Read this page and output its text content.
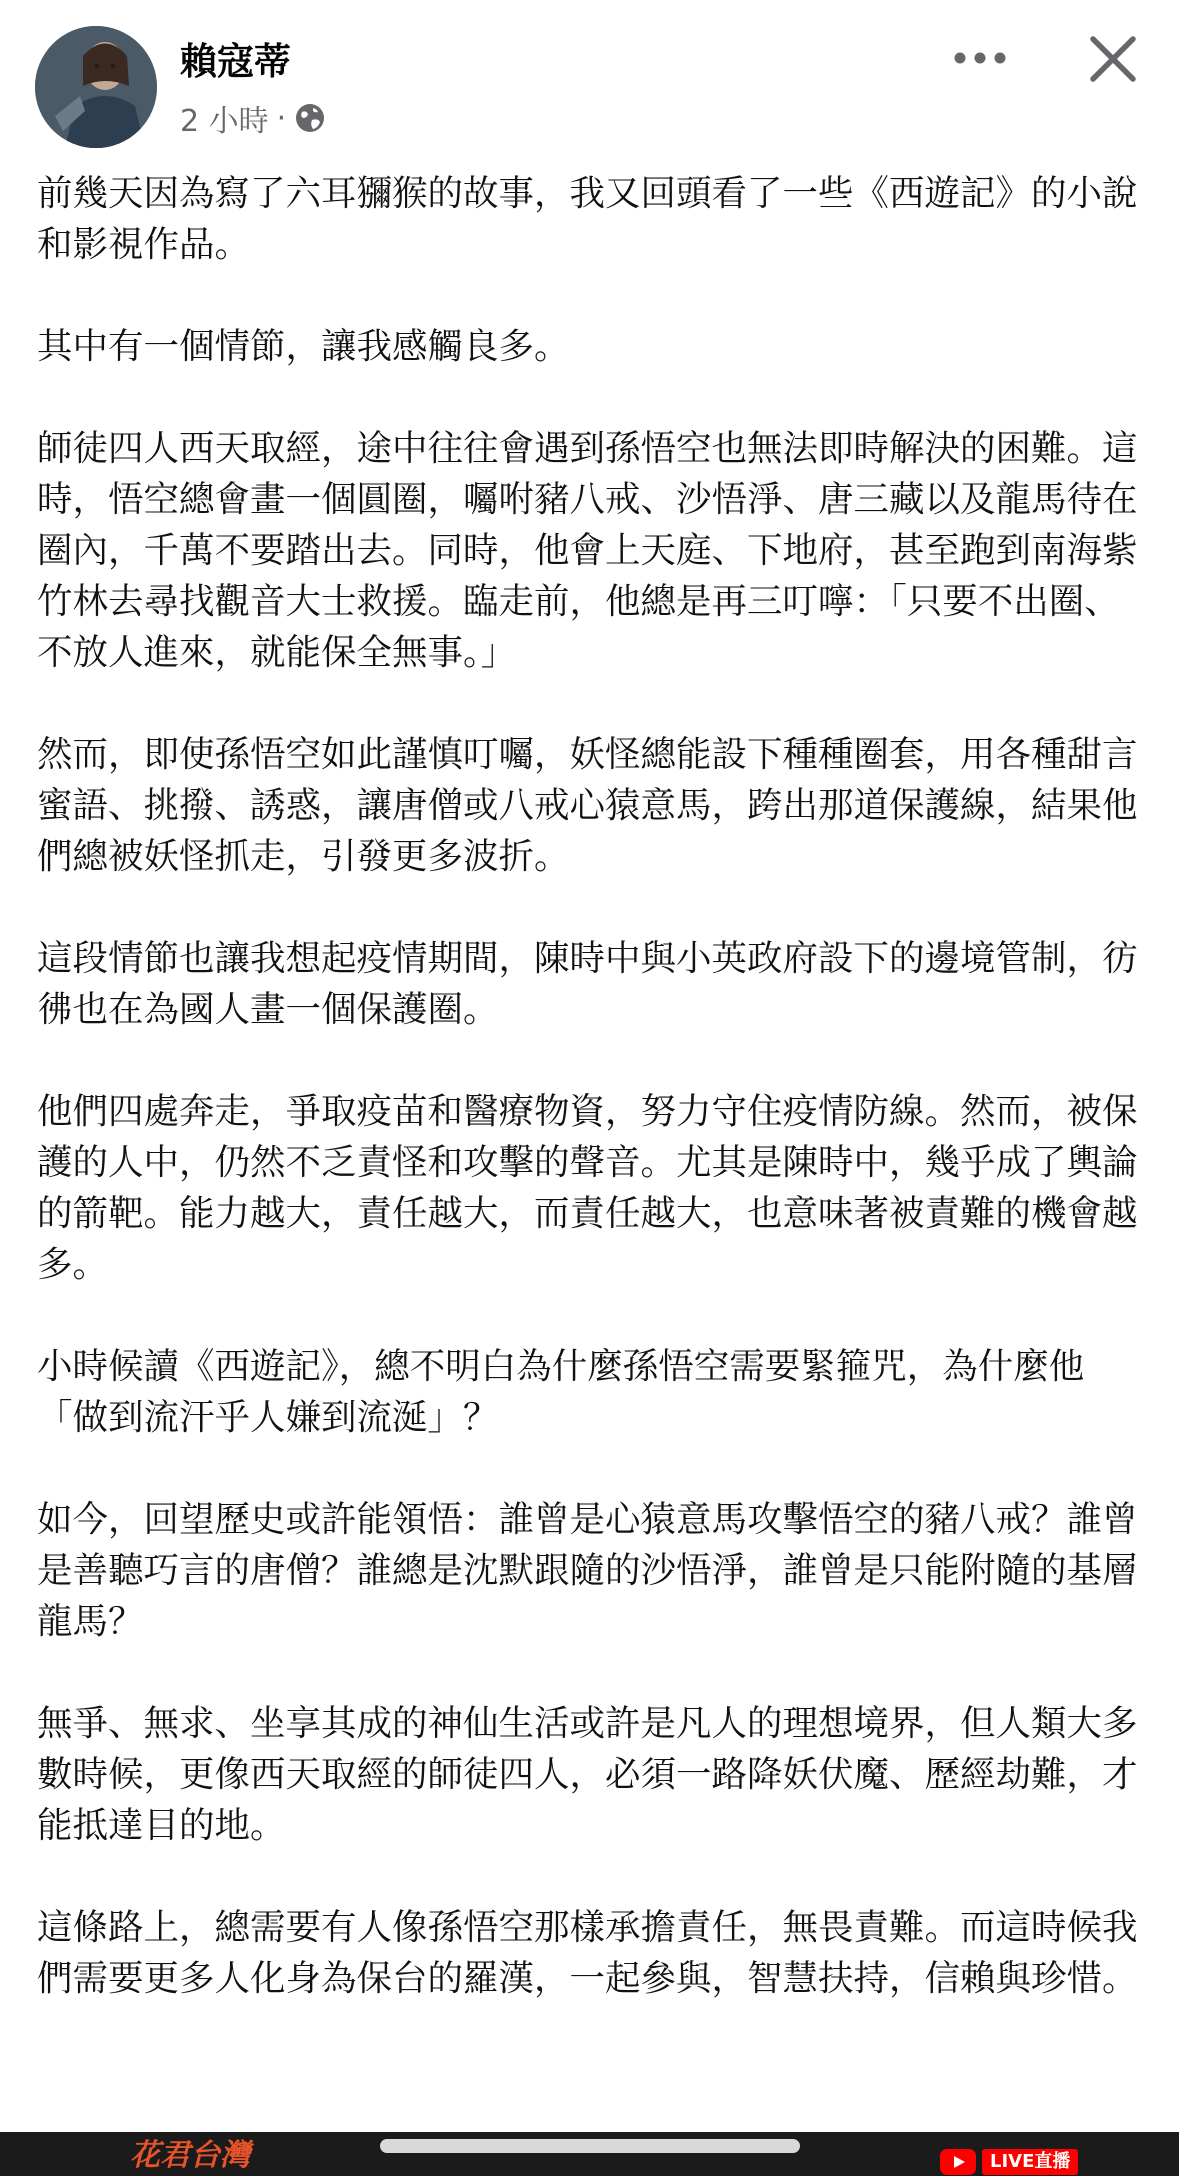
賴寇蒂
2 小時 ·

前幾天因為寫了六耳獼猴的故事，我又回頭看了一些《西遊記》的小說和影視作品。

其中有一個情節，讓我感觸良多。

師徒四人西天取經，途中往往會遇到孫悟空也無法即時解決的困難。這時，悟空總會畫一個圓圈，囑咐豬八戒、沙悟淨、唐三藏以及龍馬待在圈內，千萬不要踏出去。同時，他會上天庭、下地府，甚至跑到南海紫竹林去尋找觀音大士救援。臨走前，他總是再三叮嚀：「只要不出圈、不放人進來，就能保全無事。」

然而，即使孫悟空如此謹慎叮囑，妖怪總能設下種種圈套，用各種甜言蜜語、挑撥、誘惑，讓唐僧或八戒心猿意馬，跨出那道保護線，結果他們總被妖怪抓走，引發更多波折。

這段情節也讓我想起疫情期間，陳時中與小英政府設下的邊境管制，彷彿也在為國人畫一個保護圈。

他們四處奔走，爭取疫苗和醫療物資，努力守住疫情防線。然而，被保護的人中，仍然不乏責怪和攻擊的聲音。尤其是陳時中，幾乎成了輿論的箭靶。能力越大，責任越大，而責任越大，也意味著被責難的機會越多。

小時候讀《西遊記》，總不明白為什麼孫悟空需要緊箍咒，為什麼他「做到流汗乎人嫌到流涎」？

如今，回望歷史或許能領悟：誰曾是心猿意馬攻擊悟空的豬八戒？誰曾是善聽巧言的唐僧？誰總是沈默跟隨的沙悟淨，誰曾是只能附隨的基層龍馬？

無爭、無求、坐享其成的神仙生活或許是凡人的理想境界，但人類大多數時候，更像西天取經的師徒四人，必須一路降妖伏魔、歷經劫難，才能抵達目的地。

這條路上，總需要有人像孫悟空那樣承擔責任，無畏責難。而這時候我們需要更多人化身為保台的羅漢，一起參與，智慧扶持，信賴與珍惜。

花君台灣	LIVE直播
